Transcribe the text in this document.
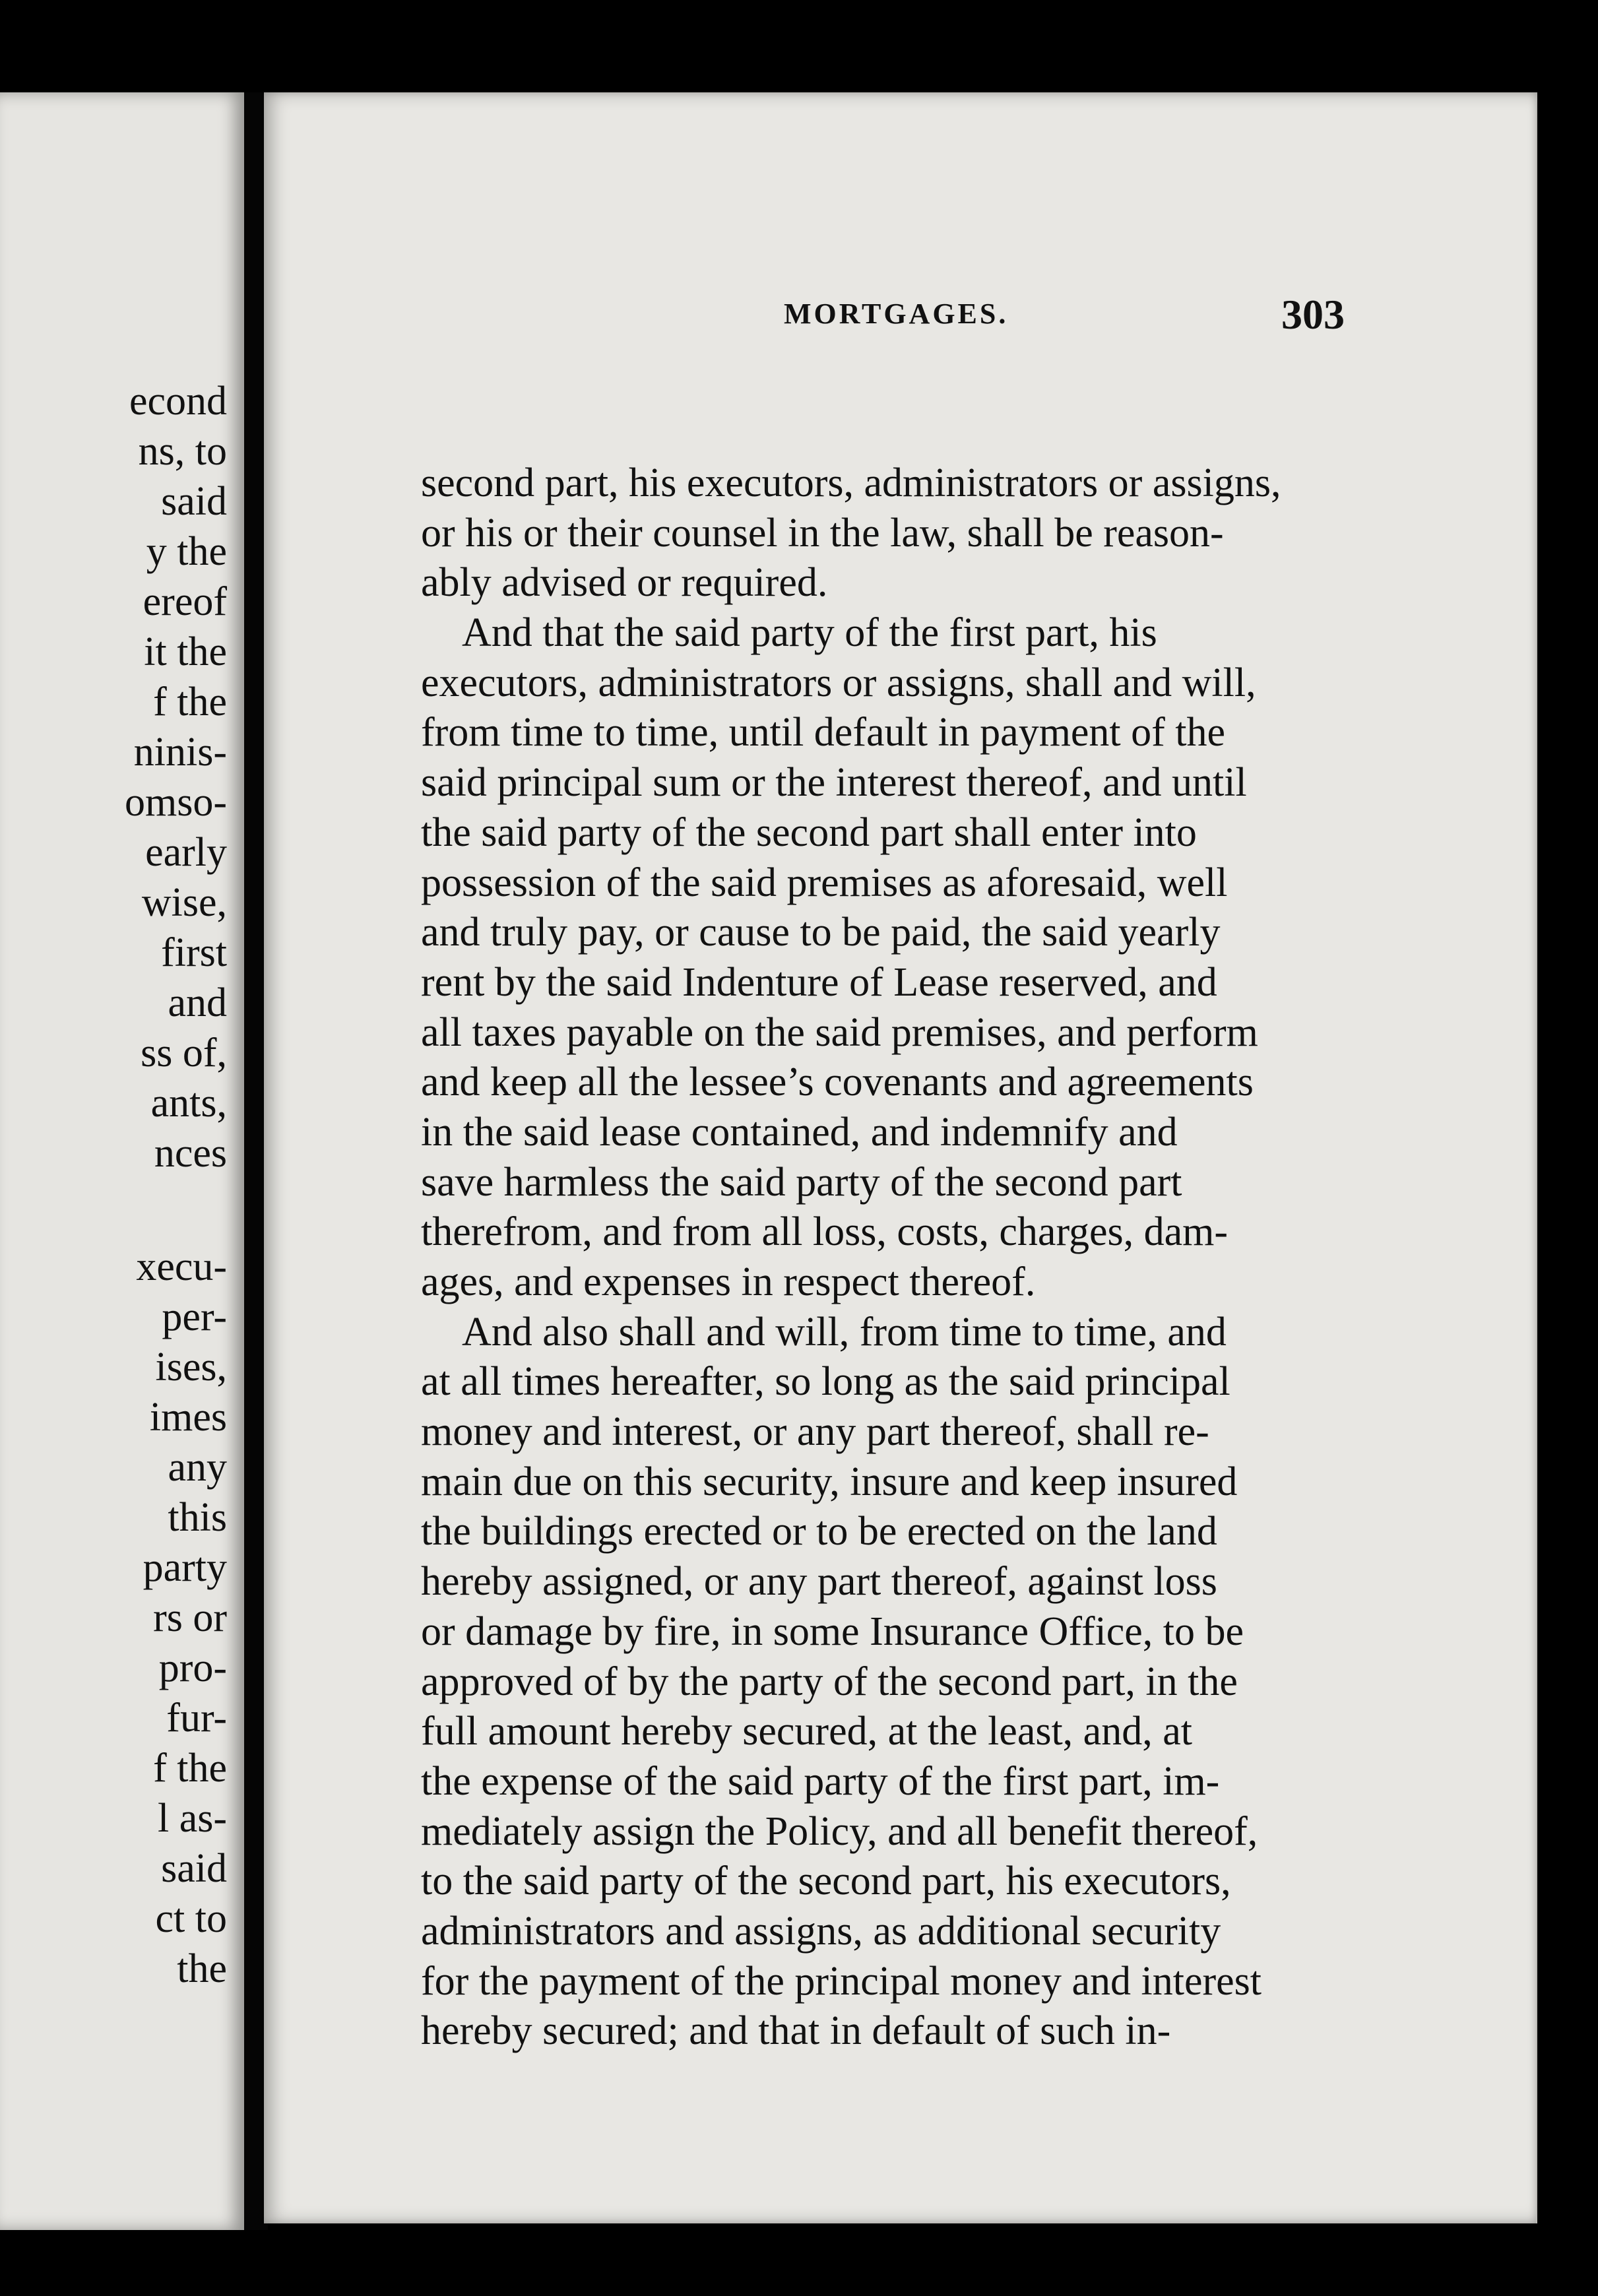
econd
ns, to
said
y the
ereof
it the
f the
ninis-
omso-
early
wise,
first
and
ss of,
ants,
nces
xecu-
per-
ises,
imes
any
this
party
rs or
pro-
fur-
f the
l as-
said
ct to
the
MORTGAGES.	303
second part, his executors, administrators or assigns,
or his or their counsel in the law, shall be reason-
ably advised or required.
And that the said party of the first part, his
executors, administrators or assigns, shall and will,
from time to time, until default in payment of the
said principal sum or the interest thereof, and until
the said party of the second part shall enter into
possession of the said premises as aforesaid, well
and truly pay, or cause to be paid, the said yearly
rent by the said Indenture of Lease reserved, and
all taxes payable on the said premises, and perform
and keep all the lessee’s covenants and agreements
in the said lease contained, and indemnify and
save harmless the said party of the second part
therefrom, and from all loss, costs, charges, dam-
ages, and expenses in respect thereof.
And also shall and will, from time to time, and
at all times hereafter, so long as the said principal
money and interest, or any part thereof, shall re-
main due on this security, insure and keep insured
the buildings erected or to be erected on the land
hereby assigned, or any part thereof, against loss
or damage by fire, in some Insurance Office, to be
approved of by the party of the second part, in the
full amount hereby secured, at the least, and, at
the expense of the said party of the first part, im-
mediately assign the Policy, and all benefit thereof,
to the said party of the second part, his executors,
administrators and assigns, as additional security
for the payment of the principal money and interest
hereby secured; and that in default of such in-
